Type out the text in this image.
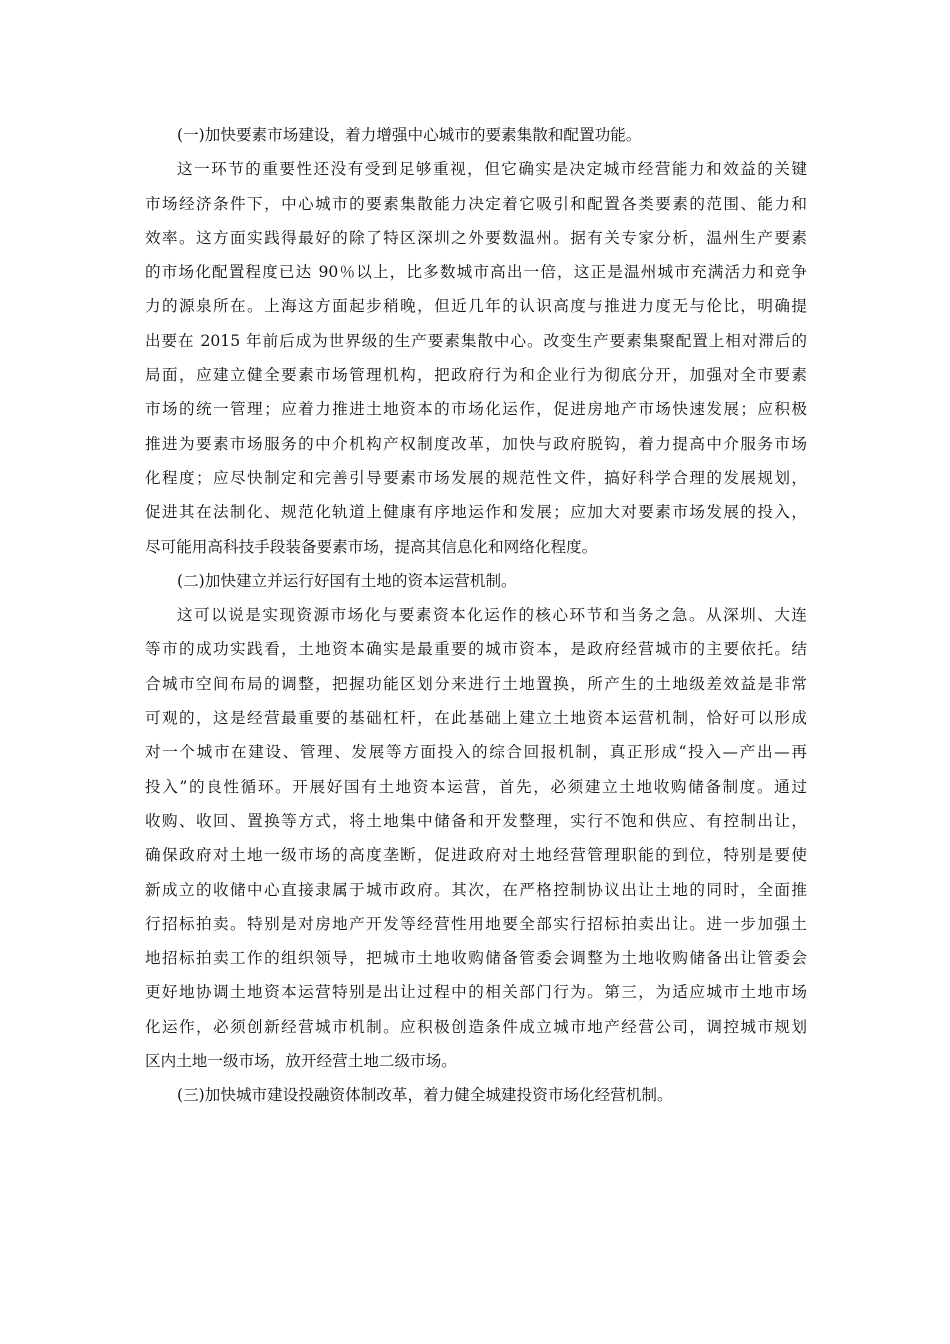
(一)加快要素市场建设，着力增强中心城市的要素集散和配置功能。
这一环节的重要性还没有受到足够重视，但它确实是决定城市经营能力和效益的关键
市场经济条件下，中心城市的要素集散能力决定着它吸引和配置各类要素的范围、能力和
效率。这方面实践得最好的除了特区深圳之外要数温州。据有关专家分析，温州生产要素
的市场化配置程度已达 90％以上，比多数城市高出一倍，这正是温州城市充满活力和竞争
力的源泉所在。上海这方面起步稍晚，但近几年的认识高度与推进力度无与伦比，明确提
出要在 2015 年前后成为世界级的生产要素集散中心。改变生产要素集聚配置上相对滞后的
局面，应建立健全要素市场管理机构，把政府行为和企业行为彻底分开，加强对全市要素
市场的统一管理；应着力推进土地资本的市场化运作，促进房地产市场快速发展；应积极
推进为要素市场服务的中介机构产权制度改革，加快与政府脱钩，着力提高中介服务市场
化程度；应尽快制定和完善引导要素市场发展的规范性文件，搞好科学合理的发展规划，
促进其在法制化、规范化轨道上健康有序地运作和发展；应加大对要素市场发展的投入，
尽可能用高科技手段装备要素市场，提高其信息化和网络化程度。
(二)加快建立并运行好国有土地的资本运营机制。
这可以说是实现资源市场化与要素资本化运作的核心环节和当务之急。从深圳、大连
等市的成功实践看，土地资本确实是最重要的城市资本，是政府经营城市的主要依托。结
合城市空间布局的调整，把握功能区划分来进行土地置换，所产生的土地级差效益是非常
可观的，这是经营最重要的基础杠杆，在此基础上建立土地资本运营机制，恰好可以形成
对一个城市在建设、管理、发展等方面投入的综合回报机制，真正形成“投入—产出—再
投入”的良性循环。开展好国有土地资本运营，首先，必须建立土地收购储备制度。通过
收购、收回、置换等方式，将土地集中储备和开发整理，实行不饱和供应、有控制出让，
确保政府对土地一级市场的高度垄断，促进政府对土地经营管理职能的到位，特别是要使
新成立的收储中心直接隶属于城市政府。其次，在严格控制协议出让土地的同时，全面推
行招标拍卖。特别是对房地产开发等经营性用地要全部实行招标拍卖出让。进一步加强土
地招标拍卖工作的组织领导，把城市土地收购储备管委会调整为土地收购储备出让管委会
更好地协调土地资本运营特别是出让过程中的相关部门行为。第三，为适应城市土地市场
化运作，必须创新经营城市机制。应积极创造条件成立城市地产经营公司，调控城市规划
区内土地一级市场，放开经营土地二级市场。
(三)加快城市建设投融资体制改革，着力健全城建投资市场化经营机制。
